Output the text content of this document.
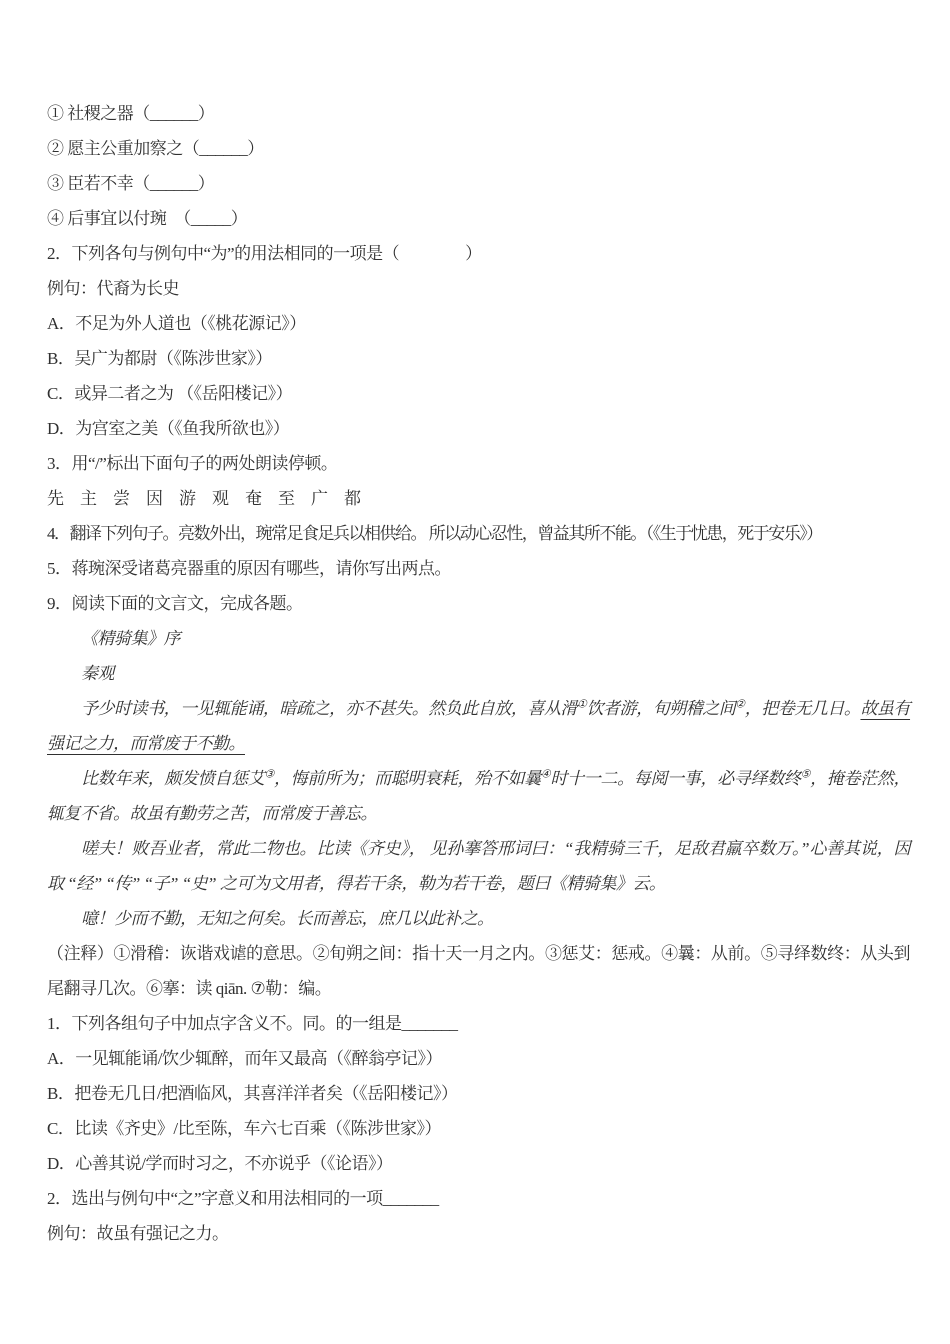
① 社稷之器（______）

② 愿主公重加察之（______）

③ 臣若不幸（______）

④ 后事宜以付琬　（_____）

2．下列各句与例句中“为”的用法相同的一项是（　　　　）

例句：代裔为长史

A．不足为外人道也（《桃花源记》）

B．吴广为都尉（《陈涉世家》）

C．或异二者之为 （《岳阳楼记》）

D．为宫室之美（《鱼我所欲也》）

3．用“/”标出下面句子的两处朗读停顿。

先　主　尝　因　游　观　奄　至　广　都

4．翻译下列句子。亮数外出，琬常足食足兵以相供给。 所以动心忍性，曾益其所不能。（《生于忧患，死于安乐》）

5．蒋琬深受诸葛亮器重的原因有哪些，请你写出两点。

9．阅读下面的文言文，完成各题。

《精骑集》序

秦观

予少时读书，一见辄能诵，暗疏之，亦不甚失。然负此自放，喜从滑①饮者游，旬朔稽之间②，把卷无几日。故虽有强记之力，而常废于不勤。

比数年来，颇发愤自惩艾③，悔前所为；而聪明衰耗，殆不如曩④时十一二。每阅一事，必寻绎数终⑤，掩卷茫然，辄复不省。故虽有勤劳之苦，而常废于善忘。

嗟夫！败吾业者，常此二物也。比读《齐史》， 见孙搴答邢词曰：“我精骑三千，足敌君羸卒数万。”心善其说，因取 “经” “传” “子” “史” 之可为文用者，得若干条，勒为若干卷，题曰《精骑集》云。

噫！少而不勤，无知之何矣。长而善忘，庶几以此补之。

（注释）①滑稽：诙谐戏谑的意思。②旬朔之间：指十天一月之内。③惩艾：惩戒。④曩：从前。⑤寻绎数终：从头到尾翻寻几次。⑥搴：读 qiān. ⑦勒：编。

1．下列各组句子中加点字含义不。同。的一组是_______

A．一见辄能诵/饮少辄醉，而年又最高（《醉翁亭记》）

B．把卷无几日/把酒临风，其喜洋洋者矣（《岳阳楼记》）

C．比读《齐史》/比至陈，车六七百乘（《陈涉世家》）

D．心善其说/学而时习之，不亦说乎（《论语》）

2．选出与例句中“之”字意义和用法相同的一项_______

例句：故虽有强记之力。
